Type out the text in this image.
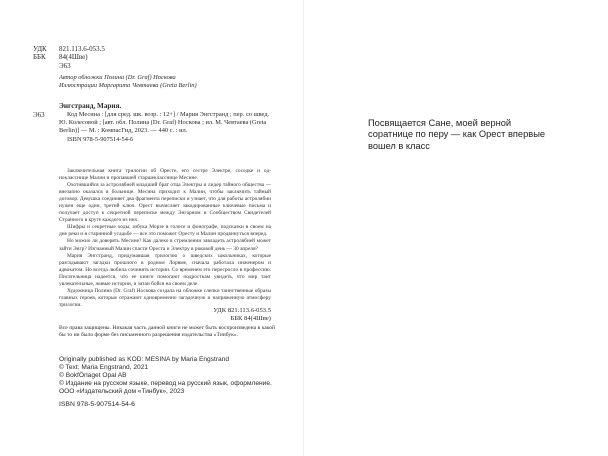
УДК 821.113.6-053.5
ББК 84(4Шве)
Э63
Автор обложки Полина (Dr. Graf) Носкова
Иллюстрации Маргарита Чевтаева (Greta Berlin)
Энгстранд, Мария.
Э63	Код Месина : [для сред. шк. возр. : 12+] / Мария Энгстранд ; пер. со швед.
Ю. Колесовой ; [авт. обл. Полина (Dr. Graf) Носкова ; ил. М. Чевтаева (Greta
Berlin)] — М. : КомпасГид, 2023. — 440 с. : ил.
ISBN 978-5-907514-54-6

Заключительная книга трилогии об Оресте, его сестре Электре, соседке и од-нокласснице Малин и пропавшей старшекласснице Месине.

Охотившийся за астролябией младший брат отца Электры и лидер тайного общества — внезапно оказался в больнице. Месина приходит к Малин, чтобы заключить тайный договор. Девушка соединяет два фрагмента переписки и узнает, что для работы астролябии нужен еще один, третий ключ. Орест вычисляет закодированные ключевые письма и получает доступ к секретной переписке между Энгарном и Сообществом Свидетелей Странного в круге каждого из них.

Шифры и секретные ходы, азбука Морзе в голосе и фонографе, подсказки в своем на дне реки и в старинной усадьбе — все это поможет Оресту и Малин продвинуться вперед.

Но можно ли доверять Месине? Как далеко в стремлении завладеть астролябией может зайти Энгр? Изгнанный Малин спасти Ореста и Электру в роковой день — 30 апреля?

Мария Энгстранд, придумавшая трилогию о шведских школьниках, которые разгадывают загадки прошлого в родном Лорвме, сначала работала инженером и адвокатом. Но всегда любила сочинять истории. Со временем это пересросло в профессию. Писательница надеется, что ее книги помогают подросткам увидеть, что мир таит увлекательные, живые истории, и затаи бойся на своем деле.

Художница Полина (Dr. Graf) Носкова создала на обложке слепки таинственные образы главных героев, которые отражают одновременно загадочную и напряженную атмосферу трилогии.

УДК 821.113.6-053.5
ББК 84(4Шве)
Все права защищены. Никакая часть данной книги не может быть воспроизведена в какой бы то ни было форме без письменного разрешения издательства «Тинбук».
Originally published as KOD: MESINA by Maria Engstrand
© Text: Maria Engstrand, 2021
© BokfÖrlaget Opal AB
© Издание на русском языке, перевод на русский язык, оформление.
ООО «Издательский дом «Тинбук», 2023
ISBN 978-5-907514-54-6
Посвящается Сане, моей верной соратнице по перу — как Орест впервые вошел в класс
